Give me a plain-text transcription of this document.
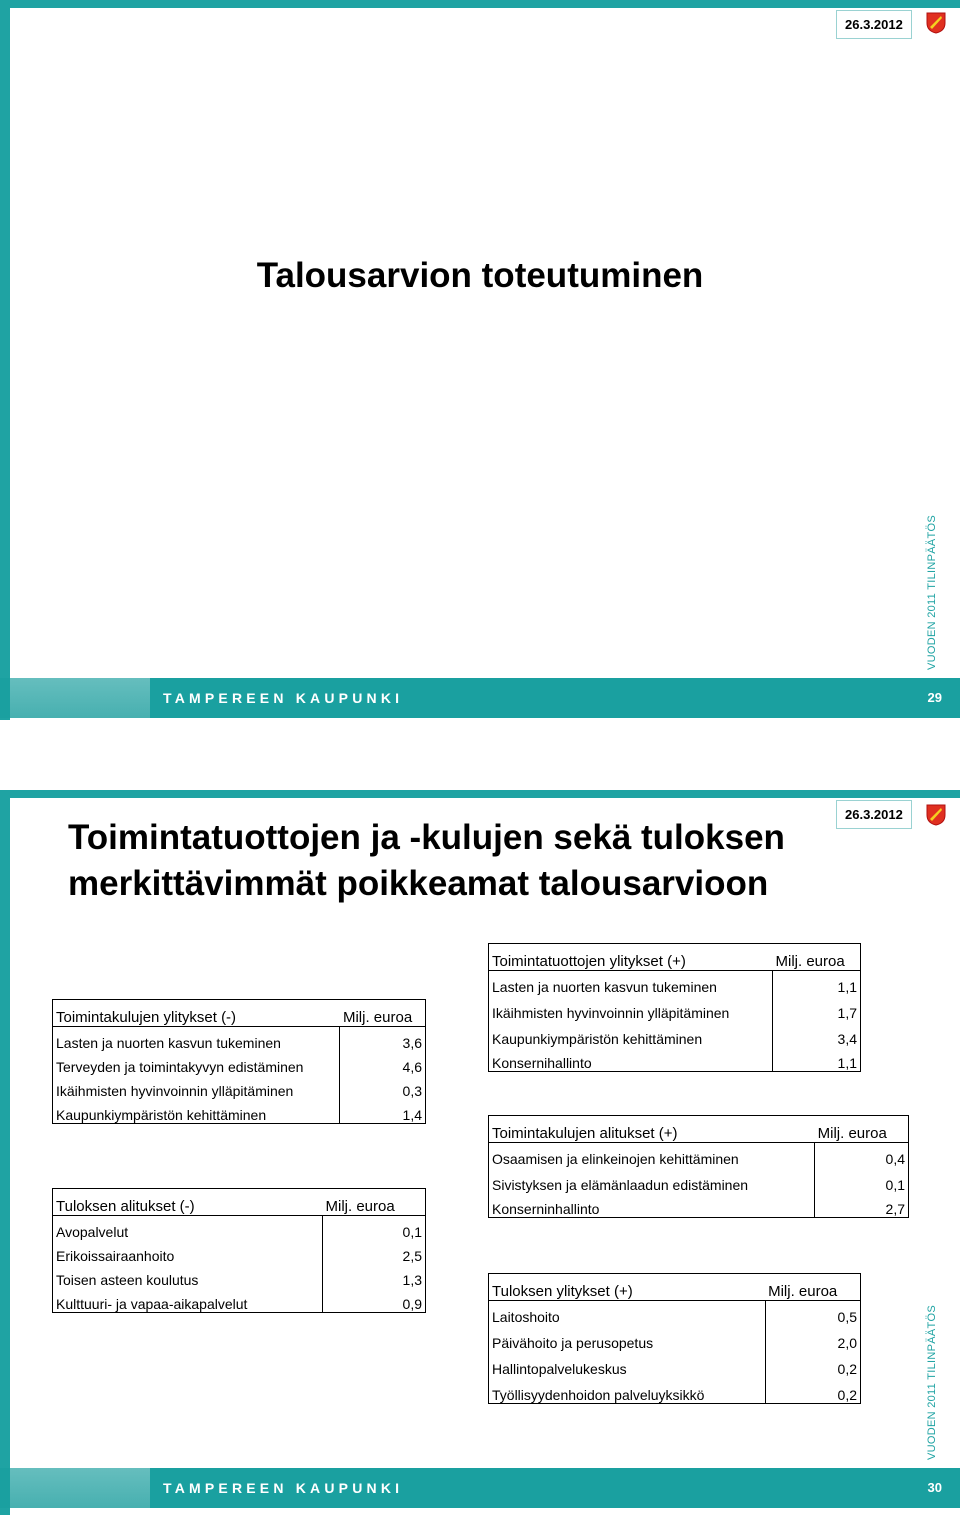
26.3.2012
Talousarvion toteutuminen
VUODEN 2011 TILINPÄÄTÖS
TAMPEREEN KAUPUNKI	29
26.3.2012
Toimintatuottojen ja -kulujen sekä tuloksen
merkittävimmät poikkeamat talousarvioon
Toimintakulujen ylitykset (-)	Milj. euroa
Lasten ja nuorten kasvun tukeminen	3,6
Terveyden ja toimintakyvyn edistäminen	4,6
Ikäihmisten hyvinvoinnin ylläpitäminen	0,3
Kaupunkiympäristön kehittäminen	1,4
Tuloksen alitukset (-)	Milj. euroa
Avopalvelut	0,1
Erikoissairaanhoito	2,5
Toisen asteen koulutus	1,3
Kulttuuri- ja vapaa-aikapalvelut	0,9
Toimintatuottojen ylitykset (+)	Milj. euroa
Lasten ja nuorten kasvun tukeminen	1,1
Ikäihmisten hyvinvoinnin ylläpitäminen	1,7
Kaupunkiympäristön kehittäminen	3,4
Konsernihallinto	1,1
Toimintakulujen alitukset (+)	Milj. euroa
Osaamisen ja elinkeinojen kehittäminen	0,4
Sivistyksen ja elämänlaadun edistäminen	0,1
Konserninhallinto	2,7
Tuloksen ylitykset (+)	Milj. euroa
Laitoshoito	0,5
Päivähoito ja perusopetus	2,0
Hallintopalvelukeskus	0,2
Työllisyydenhoidon palveluyksikkö	0,2	VUODEN 2011 TILINPÄÄTÖS
TAMPEREEN KAUPUNKI	30
